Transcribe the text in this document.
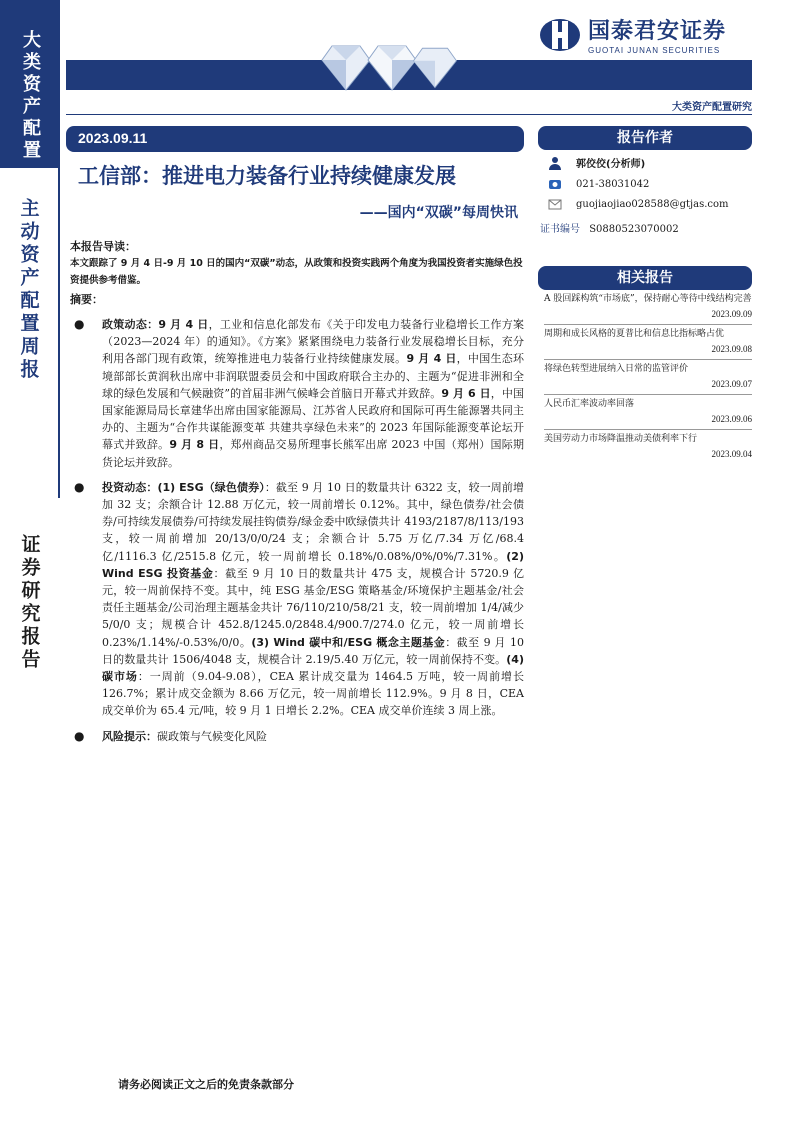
大类资产配置
主动资产配置周报
证券研究报告
国泰君安证券
GUOTAI JUNAN SECURITIES
大类资产配置研究
2023.09.11
工信部：推进电力装备行业持续健康发展
——国内“双碳”每周快讯
报告作者
郭佼佼(分析师)
021-38031042
guojiaojiao028588@gtjas.com
证书编号 S0880523070002
相关报告
A 股回踩构筑“市场底”，保持耐心等待中线结构完善
2023.09.09
周期和成长风格的夏普比和信息比指标略占优
2023.09.08
将绿色转型进展纳入日常的监管评价
2023.09.07
人民币汇率波动率回落
2023.09.06
美国劳动力市场降温推动美债利率下行
2023.09.04
本报告导读：
本文跟踪了 9 月 4 日-9 月 10 日的国内“双碳”动态，从政策和投资实践两个角度为我国投资者实施绿色投资提供参考借鉴。
摘要：
●	政策动态：9 月 4 日，工业和信息化部发布《关于印发电力装备行业稳增长工作方案（2023—2024 年）的通知》。《方案》紧紧围绕电力装备行业发展稳增长目标，充分利用各部门现有政策，统筹推进电力装备行业持续健康发展。9 月 4 日，中国生态环境部部长黄润秋出席中非润联盟委员会和中国政府联合主办的、主题为“促进非洲和全球的绿色发展和气候融资”的首届非洲气候峰会首脑日开幕式并致辞。9 月 6 日，中国国家能源局局长章建华出席由国家能源局、江苏省人民政府和国际可再生能源署共同主办的、主题为“合作共谋能源变革 共建共享绿色未来”的 2023 年国际能源变革论坛开幕式并致辞。9 月 8 日，郑州商品交易所理事长熊军出席 2023 中国（郑州）国际期货论坛并致辞。
●	投资动态：(1) ESG（绿色债券）：截至 9 月 10 日的数量共计 6322 支，较一周前增加 32 支；余额合计 12.88 万亿元，较一周前增长 0.12%。其中，绿色债券/社会债券/可持续发展债券/可持续发展挂钩债券/绿金委中欧绿债共计 4193/2187/8/113/193 支，较一周前增加 20/13/0/0/24 支；余额合计 5.75 万亿/7.34 万亿/68.4 亿/1116.3 亿/2515.8 亿元，较一周前增长 0.18%/0.08%/0%/0%/7.31%。(2) Wind ESG 投资基金：截至 9 月 10 日的数量共计 475 支，规模合计 5720.9 亿元，较一周前保持不变。其中，纯 ESG 基金/ESG 策略基金/环境保护主题基金/社会责任主题基金/公司治理主题基金共计 76/110/210/58/21 支，较一周前增加 1/4/减少 5/0/0 支；规模合计 452.8/1245.0/2848.4/900.7/274.0 亿元，较一周前增长 0.23%/1.14%/-0.53%/0/0。(3) Wind 碳中和/ESG 概念主题基金：截至 9 月 10 日的数量共计 1506/4048 支，规模合计 2.19/5.40 万亿元，较一周前保持不变。(4) 碳市场：一周前（9.04-9.08），CEA 累计成交量为 1464.5 万吨，较一周前增长 126.7%；累计成交金额为 8.66 万亿元，较一周前增长 112.9%。9 月 8 日，CEA 成交单价为 65.4 元/吨，较 9 月 1 日增长 2.2%。CEA 成交单价连续 3 周上涨。
●	风险提示：碳政策与气候变化风险
请务必阅读正文之后的免责条款部分
